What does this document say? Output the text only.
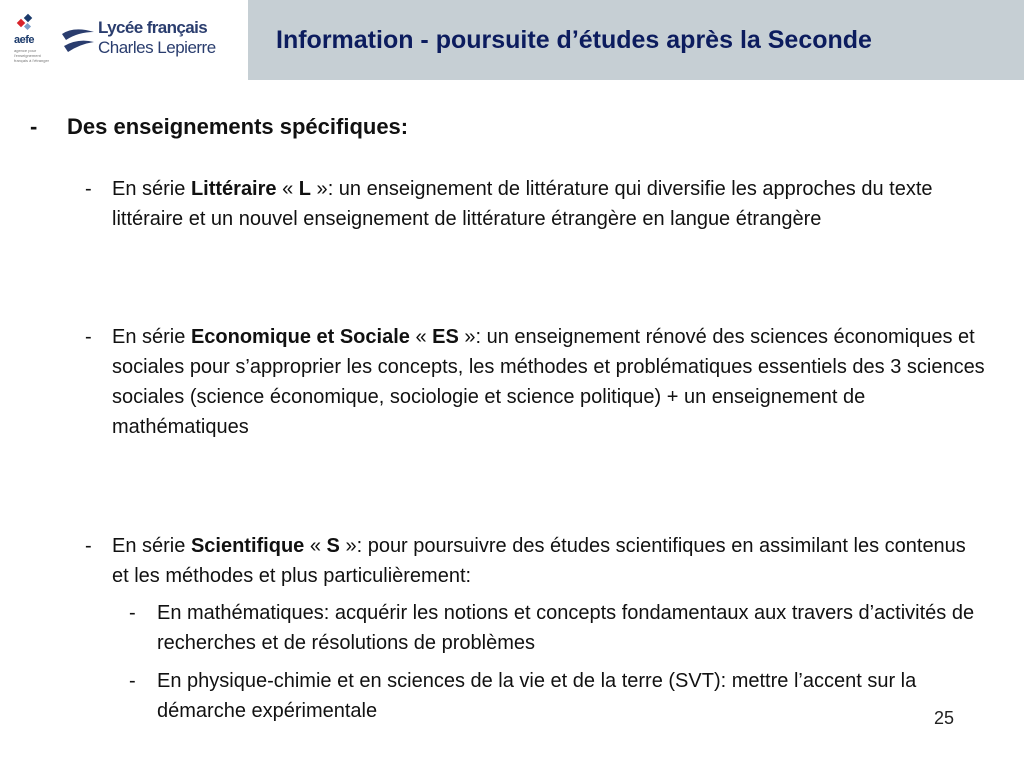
aefe
agence pour l'enseignement français à l'étranger
Lycée français
Charles Lepierre Information - poursuite d’études après la Seconde
-	Des enseignements spécifiques:

-	En série Littéraire « L »: un enseignement de littérature qui diversifie les approches du texte littéraire et un nouvel enseignement de littérature étrangère en langue étrangère

-	En série Economique et Sociale « ES »: un enseignement rénové des sciences économiques et sociales pour s’approprier les concepts, les méthodes et problématiques essentiels des 3 sciences sociales (science économique, sociologie et science politique) + un enseignement de mathématiques

-	En série Scientifique « S »: pour poursuivre des études scientifiques en assimilant les contenus et les méthodes et plus particulièrement:

-	En mathématiques: acquérir les notions et concepts fondamentaux aux travers d’activités de recherches et de résolutions de problèmes

-	En physique-chimie et en sciences de la vie et de la terre (SVT): mettre l’accent sur la démarche expérimentale	25
